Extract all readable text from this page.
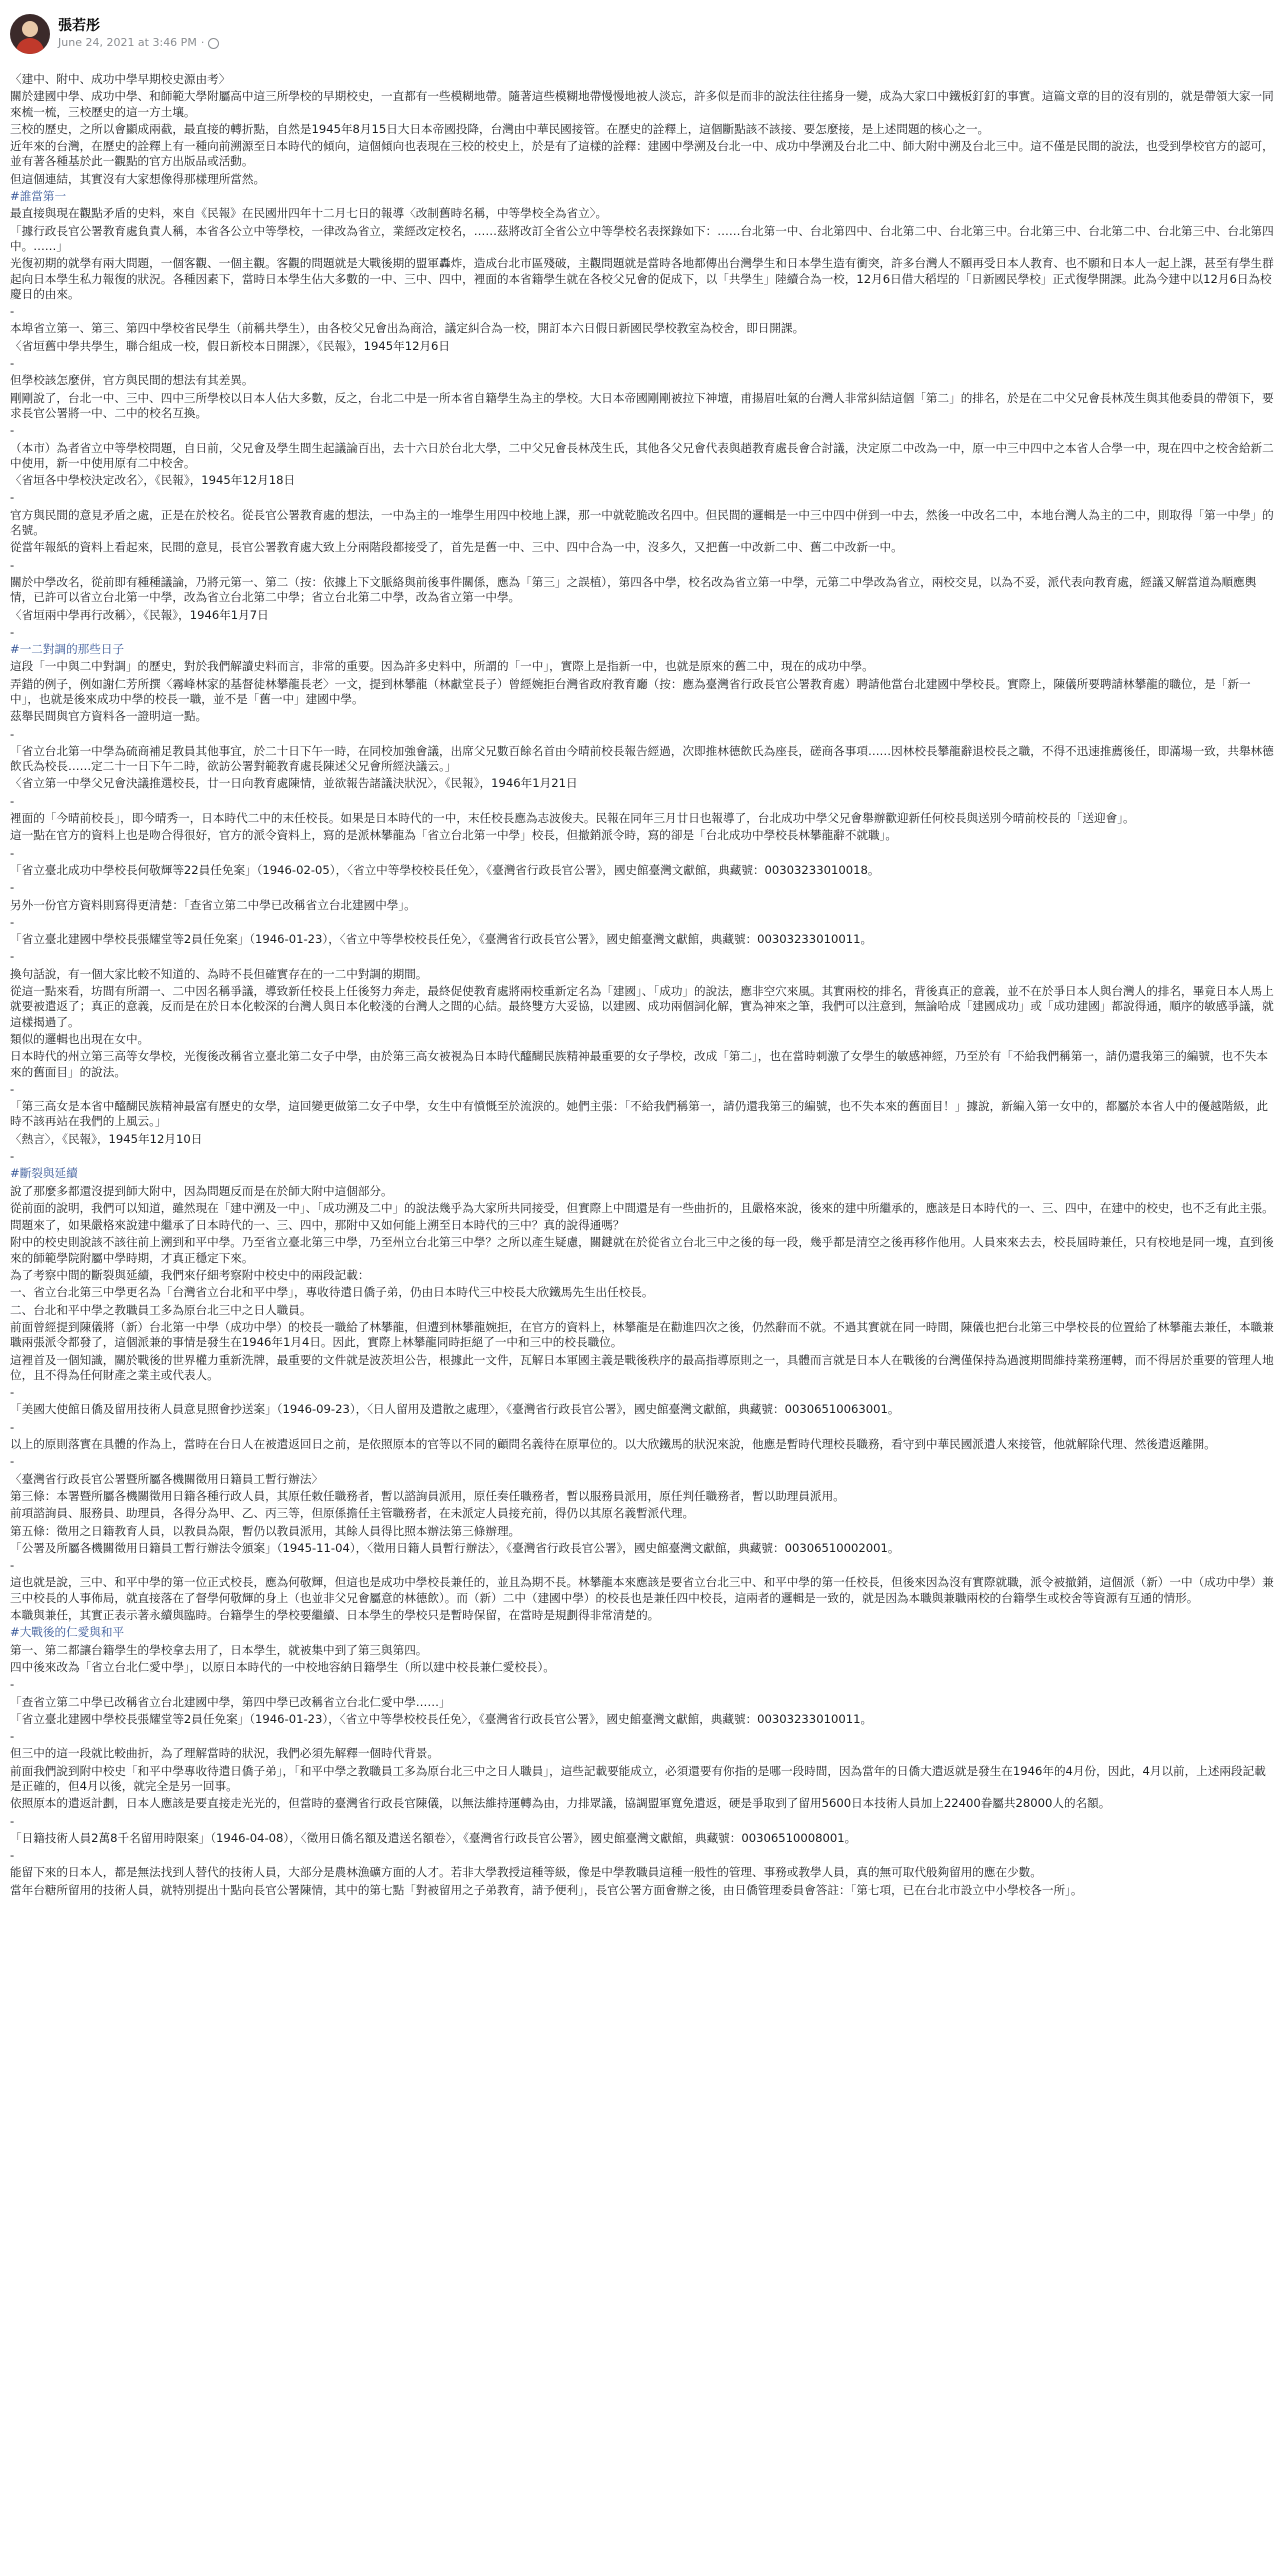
張若彤
June 24, 2021 at 3:46 PM ·
〈建中、附中、成功中學早期校史源由考〉
關於建國中學、成功中學、和師範大學附屬高中這三所學校的早期校史，一直都有一些模糊地帶。隨著這些模糊地帶慢慢地被人淡忘，許多似是而非的說法往往搖身一變，成為大家口中鐵板釘釘的事實。這篇文章的目的沒有別的，就是帶領大家一同來梳一梳，三校歷史的這一方土壤。
三校的歷史，之所以會顯成兩截，最直接的轉折點，自然是1945年8月15日大日本帝國投降，台灣由中華民國接管。在歷史的詮釋上，這個斷點該不該接、要怎麼接，是上述問題的核心之一。
近年來的台灣，在歷史的詮釋上有一種向前溯源至日本時代的傾向，這個傾向也表現在三校的校史上，於是有了這樣的詮釋：建國中學溯及台北一中、成功中學溯及台北二中、師大附中溯及台北三中。這不僅是民間的說法，也受到學校官方的認可，並有著各種基於此一觀點的官方出版品或活動。
但這個連結，其實沒有大家想像得那樣理所當然。
#誰當第一
最直接與現在觀點矛盾的史料，來自《民報》在民國卅四年十二月七日的報導〈改制舊時名稱，中等學校全為省立〉。
「據行政長官公署教育處負責人稱，本省各公立中等學校，一律改為省立，業經改定校名，……茲將改訂全省公立中等學校名表探錄如下：……台北第一中、台北第四中、台北第二中、台北第三中。台北第三中、台北第二中、台北第三中、台北第四中。……」
光復初期的就學有兩大問題，一個客觀、一個主觀。客觀的問題就是大戰後期的盟軍轟炸，造成台北市區殘破，主觀問題就是當時各地都傳出台灣學生和日本學生造有衝突，許多台灣人不願再受日本人教育、也不願和日本人一起上課，甚至有學生群起向日本學生私力報復的狀況。各種因素下，當時日本學生佔大多數的一中、三中、四中，裡面的本省籍學生就在各校父兄會的促成下，以「共學生」陸續合為一校，12月6日借大稻埕的「日新國民學校」正式復學開課。此為今建中以12月6日為校慶日的由來。
-
本埠省立第一、第三、第四中學校省民學生（前稱共學生），由各校父兄會出為商洽，議定糾合為一校，開訂本六日假日新國民學校教室為校舍，即日開課。
〈省垣舊中學共學生，聯合組成一校，假日新校本日開課〉，《民報》，1945年12月6日
-
但學校該怎麼併，官方與民間的想法有其差異。
剛剛說了，台北一中、三中、四中三所學校以日本人佔大多數，反之，台北二中是一所本省自籍學生為主的學校。大日本帝國剛剛被拉下神壇，甫揚眉吐氣的台灣人非常糾結這個「第二」的排名，於是在二中父兄會長林茂生與其他委員的帶領下，要求長官公署將一中、二中的校名互換。
-
（本市）為者省立中等學校問題，自日前，父兄會及學生間生起議論百出，去十六日於台北大學，二中父兄會長林茂生氏，其他各父兄會代表與趙教育處長會合討議，決定原二中改為一中，原一中三中四中之本省人合學一中，現在四中之校舍給新二中使用，新一中使用原有二中校舍。
〈省垣各中學校決定改名〉，《民報》，1945年12月18日
-
官方與民間的意見矛盾之處，正是在於校名。從長官公署教育處的想法，一中為主的一堆學生用四中校地上課，那一中就乾脆改名四中。但民間的邏輯是一中三中四中併到一中去，然後一中改名二中，本地台灣人為主的二中，則取得「第一中學」的名號。
從當年報紙的資料上看起來，民間的意見，長官公署教育處大致上分兩階段都接受了，首先是舊一中、三中、四中合為一中，沒多久，又把舊一中改新二中、舊二中改新一中。
-
關於中學改名，從前即有種種議論，乃將元第一、第二（按：依據上下文脈絡與前後事件關係，應為「第三」之誤植），第四各中學，校名改為省立第一中學，元第二中學改為省立，兩校交見，以為不妥，派代表向教育處，經議又解當道為順應輿情，已許可以省立台北第一中學，改為省立台北第二中學；省立台北第二中學，改為省立第一中學。
〈省垣兩中學再行改稱〉，《民報》，1946年1月7日
-
#一二對調的那些日子
這段「一中與二中對調」的歷史，對於我們解讀史料而言，非常的重要。因為許多史料中，所謂的「一中」，實際上是指新一中，也就是原來的舊二中，現在的成功中學。
弄錯的例子，例如謝仁芳所撰〈霧峰林家的基督徒林攀龍長老〉一文，提到林攀龍（林獻堂長子）曾經婉拒台灣省政府教育廳（按：應為臺灣省行政長官公署教育處）聘請他當台北建國中學校長。實際上，陳儀所要聘請林攀龍的職位，是「新一中」，也就是後來成功中學的校長一職，並不是「舊一中」建國中學。
茲舉民間與官方資料各一證明這一點。
-
「省立台北第一中學為硫商補足教員其他事宜，於二十日下午一時，在同校加強會議，出席父兄數百餘名首由今晴前校長報告經過，次即推林德飲氏為座長，磋商各事項……因林校長攀龍辭退校長之職，不得不迅速推薦後任，即滿場一致，共舉林德飲氏為校長……定二十一日下午二時，欲訪公署對範教育處長陳述父兄會所經決議云。」
〈省立第一中學父兄會決議推選校長，廿一日向教育處陳情，並欲報告諸議決狀況〉，《民報》，1946年1月21日
-
裡面的「今晴前校長」，即今晴秀一，日本時代二中的末任校長。如果是日本時代的一中，末任校長應為志波俊夫。民報在同年三月廿日也報導了，台北成功中學父兄會舉辦歡迎新任何校長與送別今晴前校長的「送迎會」。
這一點在官方的資料上也是吻合得很好，官方的派令資料上，寫的是派林攀龍為「省立台北第一中學」校長，但撤銷派令時，寫的卻是「台北成功中學校長林攀龍辭不就職」。
-
「省立臺北成功中學校長何敬輝等22員任免案」（1946-02-05），〈省立中等學校校長任免〉，《臺灣省行政長官公署》，國史館臺灣文獻館，典藏號：00303233010018。
-
另外一份官方資料則寫得更清楚：「查省立第二中學已改稱省立台北建國中學」。
-
「省立臺北建國中學校長張耀堂等2員任免案」（1946-01-23），〈省立中等學校校長任免〉，《臺灣省行政長官公署》，國史館臺灣文獻館，典藏號：00303233010011。
-
換句話說，有一個大家比較不知道的、為時不長但確實存在的一二中對調的期間。
從這一點來看，坊間有所謂一、二中因名稱爭議，導致新任校長上任後努力奔走，最終促使教育處將兩校重新定名為「建國」、「成功」的說法，應非空穴來風。其實兩校的排名，背後真正的意義，並不在於爭日本人與台灣人的排名，畢竟日本人馬上就要被遣返了；真正的意義，反而是在於日本化較深的台灣人與日本化較淺的台灣人之間的心結。最終雙方大妥協，以建國、成功兩個詞化解，實為神來之筆，我們可以注意到，無論哈成「建國成功」或「成功建國」都說得通，順序的敏感爭議，就這樣揭過了。
類似的邏輯也出現在女中。
日本時代的州立第三高等女學校，光復後改稱省立臺北第二女子中學，由於第三高女被視為日本時代醯醐民族精神最重要的女子學校，改成「第二」，也在當時刺激了女學生的敏感神經，乃至於有「不給我們稱第一，請仍還我第三的編號，也不失本來的舊面目」的說法。
-
「第三高女是本省中醯醐民族精神最富有歷史的女學，這回變更做第二女子中學，女生中有憤慨至於流淚的。她們主張：「不給我們稱第一，請仍還我第三的編號，也不失本來的舊面目！」據說，新編入第一女中的，都屬於本省人中的優越階級，此時不該再站在我們的上風云。」
〈熱言〉，《民報》，1945年12月10日
-
#斷裂與延續
說了那麼多都還沒提到師大附中，因為問題反而是在於師大附中這個部分。
從前面的說明，我們可以知道，雖然現在「建中溯及一中」、「成功溯及二中」的說法幾乎為大家所共同接受，但實際上中間還是有一些曲折的，且嚴格來說，後來的建中所繼承的，應該是日本時代的一、三、四中，在建中的校史，也不乏有此主張。
問題來了，如果嚴格來說建中繼承了日本時代的一、三、四中，那附中又如何能上溯至日本時代的三中？真的說得通嗎？
附中的校史則說該不該往前上溯到和平中學。乃至省立臺北第三中學，乃至州立台北第三中學？之所以產生疑慮，關鍵就在於從省立台北三中之後的每一段，幾乎都是清空之後再移作他用。人員來來去去，校長屆時兼任，只有校地是同一塊，直到後來的師範學院附屬中學時期，才真正穩定下來。
為了考察中間的斷裂與延續，我們來仔細考察附中校史中的兩段記載：
一、省立台北第三中學更名為「台灣省立台北和平中學」，專收待遣日僑子弟，仍由日本時代三中校長大欣鐵馬先生出任校長。
二、台北和平中學之教職員工多為原台北三中之日人職員。
前面曾經提到陳儀將（新）台北第一中學（成功中學）的校長一職給了林攀龍，但遭到林攀龍婉拒，在官方的資料上，林攀龍是在勸進四次之後，仍然辭而不就。不過其實就在同一時間，陳儀也把台北第三中學校長的位置給了林攀龍去兼任，本職兼職兩張派令都發了，這個派兼的事情是發生在1946年1月4日。因此，實際上林攀龍同時拒絕了一中和三中的校長職位。
這裡首及一個知識，關於戰後的世界權力重新洗牌，最重要的文件就是波茨坦公告，根據此一文件，瓦解日本軍國主義是戰後秩序的最高指導原則之一，具體而言就是日本人在戰後的台灣僅保持為過渡期間維持業務運轉，而不得居於重要的管理人地位，且不得為任何財產之業主或代表人。
-
「美國大使館日僑及留用技術人員意見照會抄送案」（1946-09-23），〈日人留用及遣散之處理〉，《臺灣省行政長官公署》，國史館臺灣文獻館，典藏號：00306510063001。
-
以上的原則落實在具體的作為上，當時在台日人在被遣返回日之前，是依照原本的官等以不同的顧問名義待在原單位的。以大欣鐵馬的狀況來說，他應是暫時代理校長職務，看守到中華民國派遣人來接管，他就解除代理、然後遣返離開。
-
〈臺灣省行政長官公署暨所屬各機關徵用日籍員工暫行辦法〉
第三條：本署暨所屬各機關徵用日籍各種行政人員，其原任敕任職務者，暫以諮詢員派用，原任奏任職務者，暫以服務員派用，原任判任職務者，暫以助理員派用。
前項諮詢員、服務員、助理員，各得分為甲、乙、丙三等，但原係擔任主管職務者，在未派定人員接充前，得仍以其原名義暫派代理。
第五條：徵用之日籍教育人員，以教員為限，暫仍以教員派用，其餘人員得比照本辦法第三條辦理。
「公署及所屬各機關徵用日籍員工暫行辦法令頒案」（1945-11-04），〈徵用日籍人員暫行辦法〉，《臺灣省行政長官公署》，國史館臺灣文獻館，典藏號：00306510002001。
-
這也就是說，三中、和平中學的第一位正式校長，應為何敬輝，但這也是成功中學校長兼任的，並且為期不長。林攀龍本來應該是要省立台北三中、和平中學的第一任校長，但後來因為沒有實際就職，派令被撤銷，這個派（新）一中（成功中學）兼三中校長的人事佈局，就直接落在了督學何敬輝的身上（也並非父兄會屬意的林德飲）。而（新）二中（建國中學）的校長也是兼任四中校長，這兩者的邏輯是一致的，就是因為本職與兼職兩校的台籍學生或校舍等資源有互通的情形。
本職與兼任，其實正表示著永續與臨時。台籍學生的學校要繼續、日本學生的學校只是暫時保留，在當時是規劃得非常清楚的。
#大戰後的仁愛與和平
第一、第二都讓台籍學生的學校拿去用了，日本學生，就被集中到了第三與第四。
四中後來改為「省立台北仁愛中學」，以原日本時代的一中校地容納日籍學生（所以建中校長兼仁愛校長）。
-
「查省立第二中學已改稱省立台北建國中學，第四中學已改稱省立台北仁愛中學……」
「省立臺北建國中學校長張耀堂等2員任免案」（1946-01-23），〈省立中等學校校長任免〉，《臺灣省行政長官公署》，國史館臺灣文獻館，典藏號：00303233010011。
-
但三中的這一段就比較曲折，為了理解當時的狀況，我們必須先解釋一個時代背景。
前面我們說到附中校史「和平中學專收待遣日僑子弟」，「和平中學之教職員工多為原台北三中之日人職員」，這些記載要能成立，必須還要有你指的是哪一段時間，因為當年的日僑大遣返就是發生在1946年的4月份，因此，4月以前，上述兩段記載是正確的，但4月以後，就完全是另一回事。
依照原本的遣返計劃，日本人應該是要直接走光光的，但當時的臺灣省行政長官陳儀，以無法維持運轉為由，力排眾議，協調盟軍寬免遣返，硬是爭取到了留用5600日本技術人員加上22400眷屬共28000人的名額。
-
「日籍技術人員2萬8千名留用時限案」（1946-04-08），〈徵用日僑名額及遣送名額卷〉，《臺灣省行政長官公署》，國史館臺灣文獻館，典藏號：00306510008001。
-
能留下來的日本人，都是無法找到人替代的技術人員，大部分是農林漁礦方面的人才。若非大學教授這種等級，像是中學教職員這種一般性的管理、事務或教學人員，真的無可取代般夠留用的應在少數。
當年台糖所留用的技術人員，就特別提出十點向長官公署陳情，其中的第七點「對被留用之子弟教育，請予便利」，長官公署方面會辦之後，由日僑管理委員會答註：「第七項，已在台北市設立中小學校各一所」。
